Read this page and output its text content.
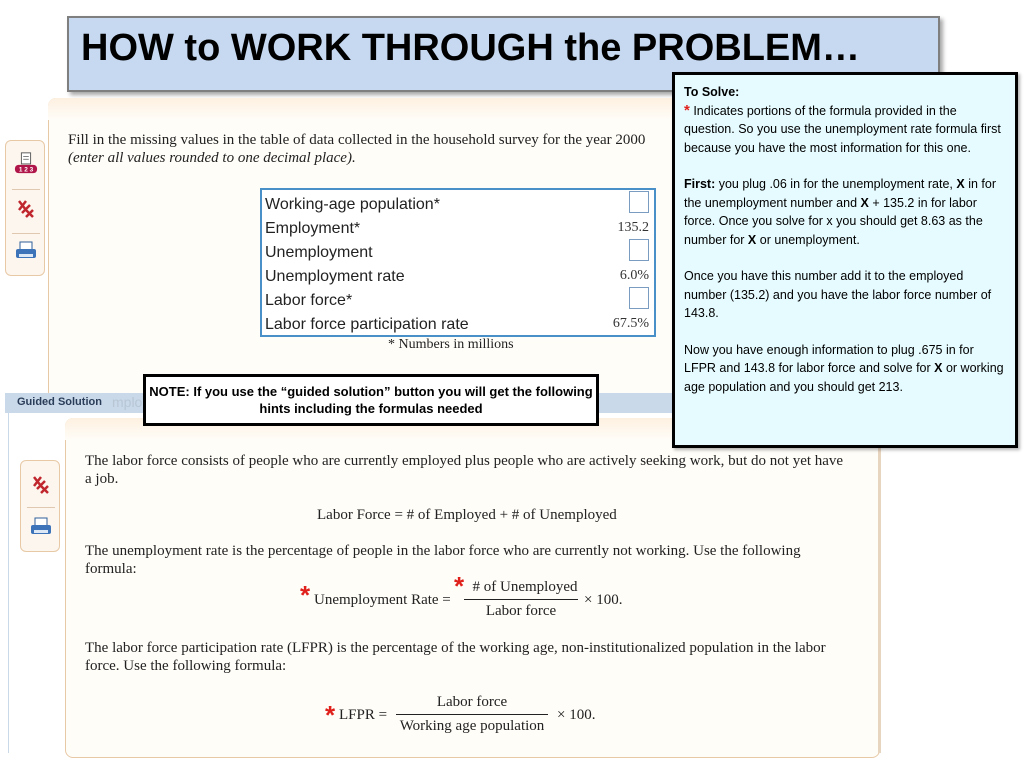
HOW to WORK THROUGH the PROBLEM…
1 2 3
Fill in the missing values in the table of data collected in the household survey for the year 2000
(enter all values rounded to one decimal place).
Working-age population*
Employment*	135.2
Unemployment
Unemployment rate	6.0%
Labor force*
Labor force participation rate	67.5%
* Numbers in millions
Guided Solution mplo
The labor force consists of people who are currently employed plus people who are actively seeking work, but do not yet have a job.
Labor Force = # of Employed + # of Unemployed
The unemployment rate is the percentage of people in the labor force who are currently not working. Use the following formula:
*	*
Unemployment Rate =
# of Unemployed
Labor force
× 100.
The labor force participation rate (LFPR) is the percentage of the working age, non-institutionalized population in the labor force. Use the following formula:
* LFPR =
Labor force
Working age population
× 100.
NOTE: If you use the “guided solution” button you will get the following hints including the formulas needed
To Solve:

* Indicates portions of the formula provided in the question. So you use the unemployment rate formula first because you have the most information for this one.

First: you plug .06 in for the unemployment rate, X in for the unemployment number and X + 135.2 in for labor force. Once you solve for x you should get 8.63 as the number for X or unemployment.

Once you have this number add it to the employed number (135.2) and you have the labor force number of 143.8.

Now you have enough information to plug .675 in for LFPR and 143.8 for labor force and solve for X or working age population and you should get 213.
